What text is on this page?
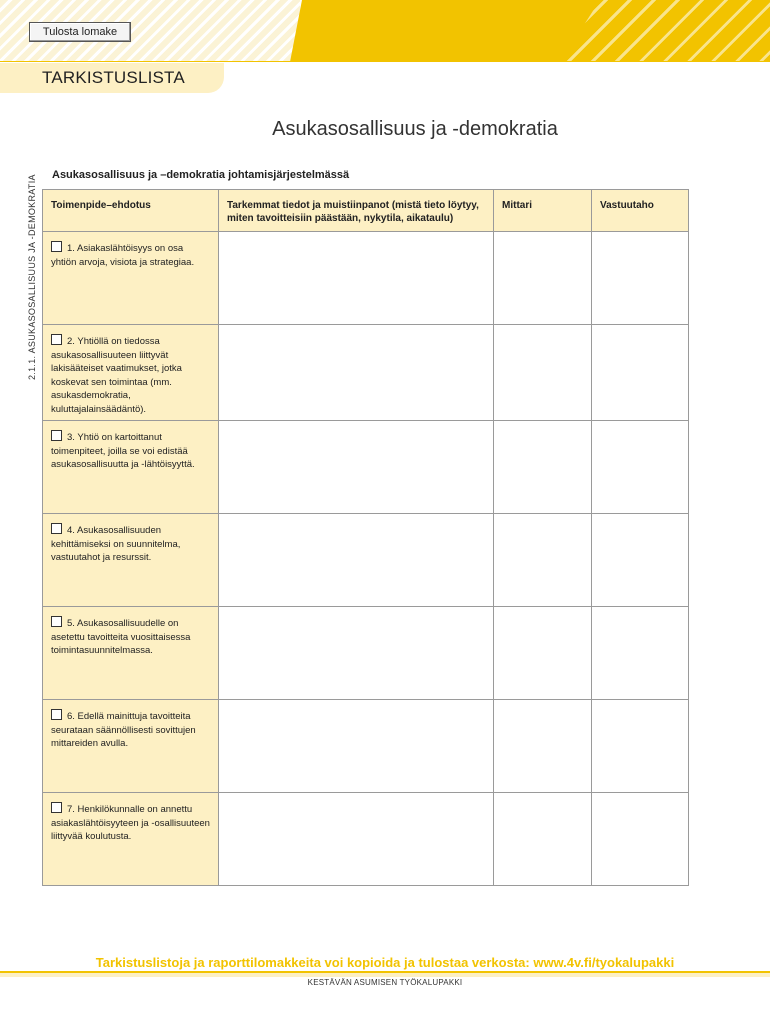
Tulosta lomake
TARKISTUSLISTA
Asukasosallisuus ja -demokratia
2.1.1. ASUKASOSALLISUUS JA -DEMOKRATIA Asukasosallisuus ja –demokratia johtamisjärjestelmässä
Toimenpide–ehdotus	Tarkemmat tiedot ja muistiinpanot (mistä tieto löytyy, miten tavoitteisiin päästään, nykytila, aikataulu)	Mittari	Vastuutaho
1. Asiakaslähtöisyys on osa yhtiön arvoja, visiota ja strategiaa.			
2. Yhtiöllä on tiedossa asukasosallisuuteen liittyvät lakisääteiset vaatimukset, jotka koskevat sen toimintaa (mm. asukasdemokratia, kuluttajalainsäädäntö).			
3. Yhtiö on kartoittanut toimenpiteet, joilla se voi edistää asukasosallisuutta ja -lähtöisyyttä.			
4. Asukasosallisuuden kehittämiseksi on suunnitelma, vastuutahot ja resurssit.			
5. Asukasosallisuudelle on asetettu tavoitteita vuosittaisessa toimintasuunnitelmassa.			
6. Edellä mainittuja tavoitteita seurataan säännöllisesti sovittujen mittareiden avulla.			
7. Henkilökunnalle on annettu asiakaslähtöisyyteen ja -osallisuuteen liittyvää koulutusta.			
Tarkistuslistoja ja raporttilomakkeita voi kopioida ja tulostaa verkosta: www.4v.fi/tyokalupakki
KESTÄVÄN ASUMISEN TYÖKALUPAKKI
